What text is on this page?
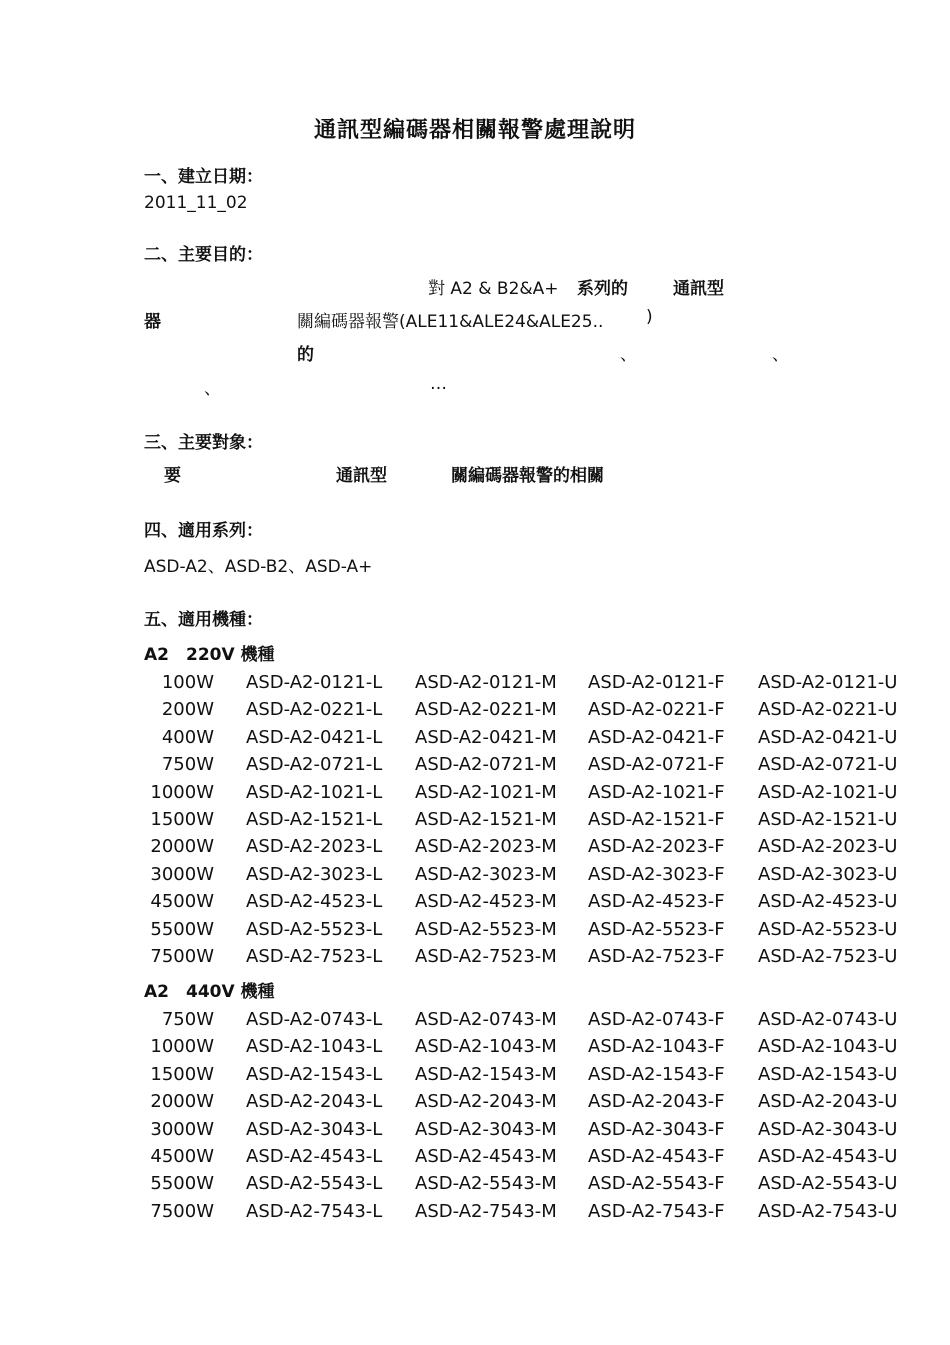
通訊型編碼器相關報警處理說明
一、建立日期：
2011_11_02
二、主要目的：
對 A2 & B2&A+ 系列的	通訊型
器	關編碼器報警(ALE11&ALE24&ALE25..	)
的	、	、
、	…
三、主要對象：
要	通訊型	關編碼器報警的相關
四、適用系列：
ASD-A2、ASD-B2、ASD-A+
五、適用機種：
A2　220V 機種
100W ASD-A2-0121-L ASD-A2-0121-M ASD-A2-0121-F ASD-A2-0121-U
200W ASD-A2-0221-L ASD-A2-0221-M ASD-A2-0221-F ASD-A2-0221-U
400W ASD-A2-0421-L ASD-A2-0421-M ASD-A2-0421-F ASD-A2-0421-U
750W ASD-A2-0721-L ASD-A2-0721-M ASD-A2-0721-F ASD-A2-0721-U
1000W ASD-A2-1021-L ASD-A2-1021-M ASD-A2-1021-F ASD-A2-1021-U
1500W ASD-A2-1521-L ASD-A2-1521-M ASD-A2-1521-F ASD-A2-1521-U
2000W ASD-A2-2023-L ASD-A2-2023-M ASD-A2-2023-F ASD-A2-2023-U
3000W ASD-A2-3023-L ASD-A2-3023-M ASD-A2-3023-F ASD-A2-3023-U
4500W ASD-A2-4523-L ASD-A2-4523-M ASD-A2-4523-F ASD-A2-4523-U
5500W ASD-A2-5523-L ASD-A2-5523-M ASD-A2-5523-F ASD-A2-5523-U
7500W ASD-A2-7523-L ASD-A2-7523-M ASD-A2-7523-F ASD-A2-7523-U
A2　440V 機種
750W ASD-A2-0743-L ASD-A2-0743-M ASD-A2-0743-F ASD-A2-0743-U
1000W ASD-A2-1043-L ASD-A2-1043-M ASD-A2-1043-F ASD-A2-1043-U
1500W ASD-A2-1543-L ASD-A2-1543-M ASD-A2-1543-F ASD-A2-1543-U
2000W ASD-A2-2043-L ASD-A2-2043-M ASD-A2-2043-F ASD-A2-2043-U
3000W ASD-A2-3043-L ASD-A2-3043-M ASD-A2-3043-F ASD-A2-3043-U
4500W ASD-A2-4543-L ASD-A2-4543-M ASD-A2-4543-F ASD-A2-4543-U
5500W ASD-A2-5543-L ASD-A2-5543-M ASD-A2-5543-F ASD-A2-5543-U
7500W ASD-A2-7543-L ASD-A2-7543-M ASD-A2-7543-F ASD-A2-7543-U
